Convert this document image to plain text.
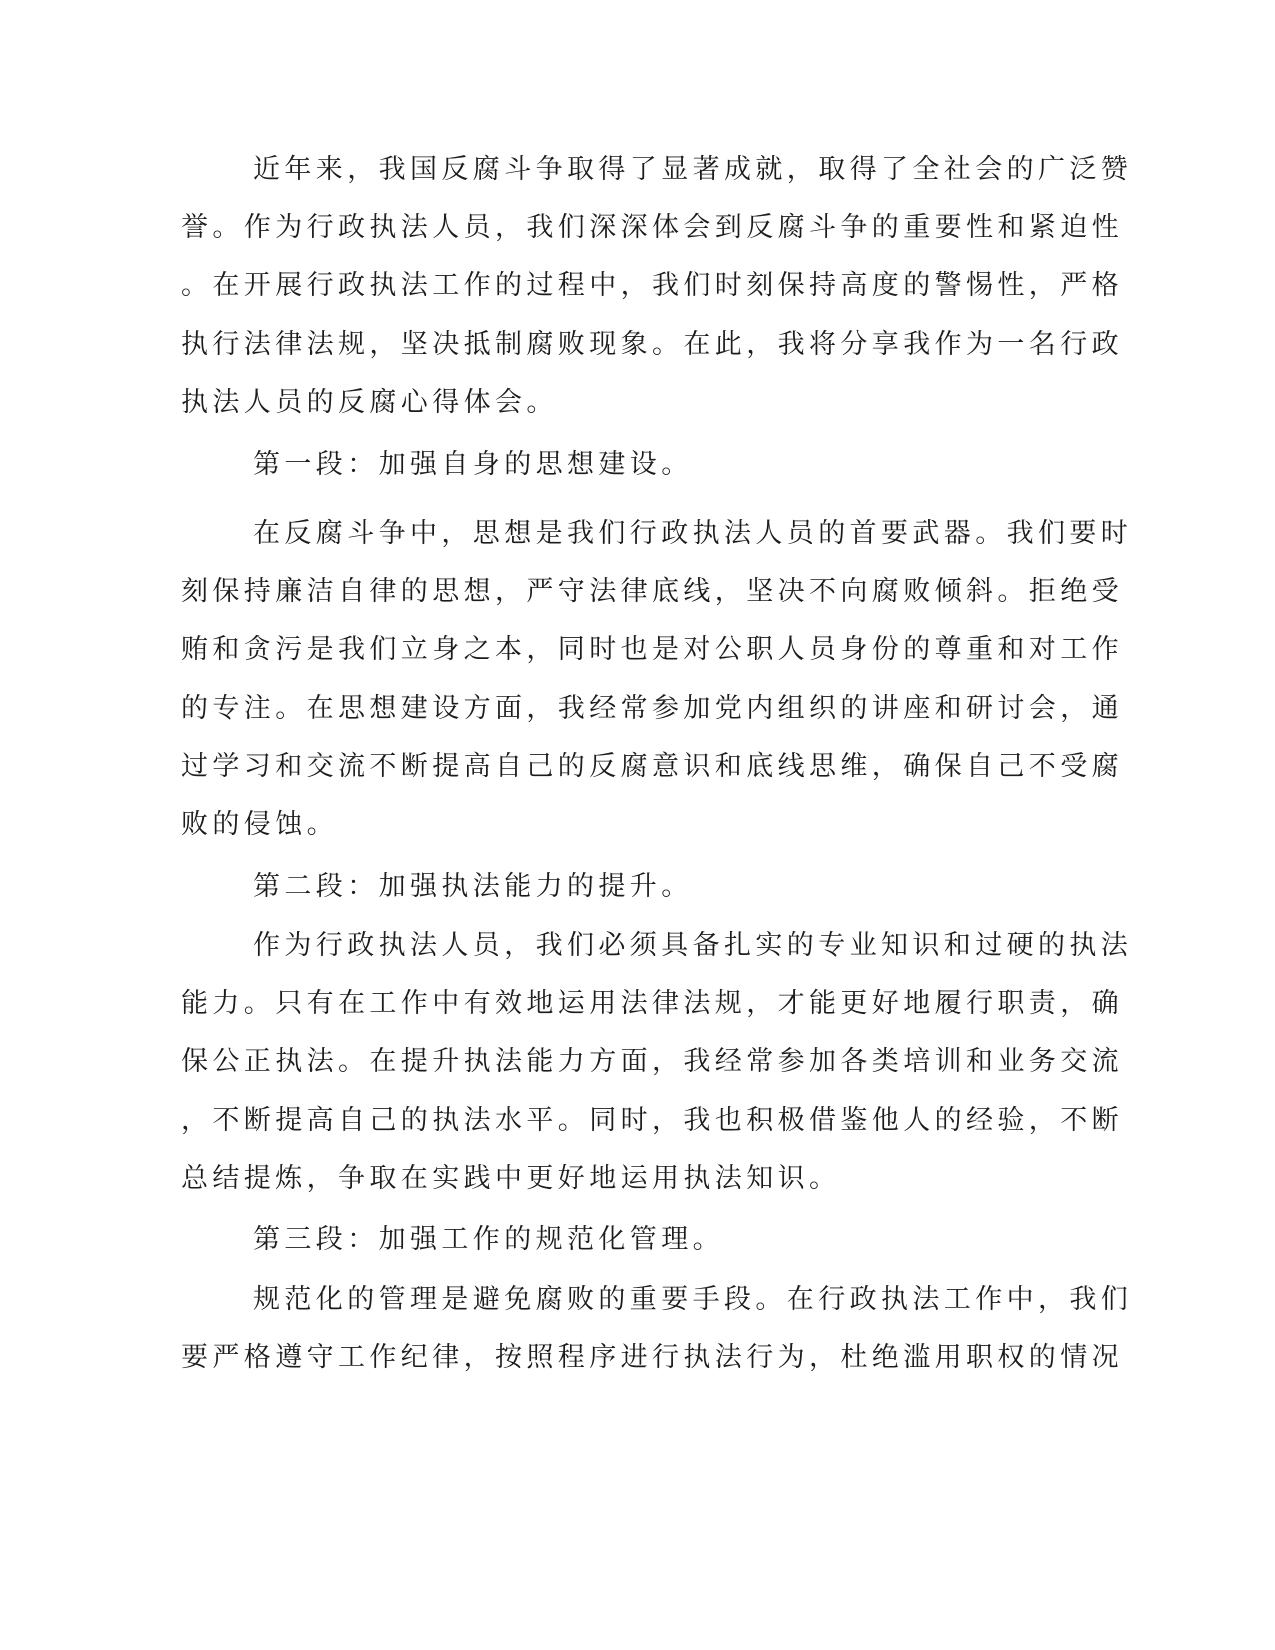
近年来，我国反腐斗争取得了显著成就，取得了全社会的广泛赞
誉。作为行政执法人员，我们深深体会到反腐斗争的重要性和紧迫性
。在开展行政执法工作的过程中，我们时刻保持高度的警惕性，严格
执行法律法规，坚决抵制腐败现象。在此，我将分享我作为一名行政
执法人员的反腐心得体会。
第一段：加强自身的思想建设。
在反腐斗争中，思想是我们行政执法人员的首要武器。我们要时
刻保持廉洁自律的思想，严守法律底线，坚决不向腐败倾斜。拒绝受
贿和贪污是我们立身之本，同时也是对公职人员身份的尊重和对工作
的专注。在思想建设方面，我经常参加党内组织的讲座和研讨会，通
过学习和交流不断提高自己的反腐意识和底线思维，确保自己不受腐
败的侵蚀。
第二段：加强执法能力的提升。
作为行政执法人员，我们必须具备扎实的专业知识和过硬的执法
能力。只有在工作中有效地运用法律法规，才能更好地履行职责，确
保公正执法。在提升执法能力方面，我经常参加各类培训和业务交流
，不断提高自己的执法水平。同时，我也积极借鉴他人的经验，不断
总结提炼，争取在实践中更好地运用执法知识。
第三段：加强工作的规范化管理。
规范化的管理是避免腐败的重要手段。在行政执法工作中，我们
要严格遵守工作纪律，按照程序进行执法行为，杜绝滥用职权的情况
